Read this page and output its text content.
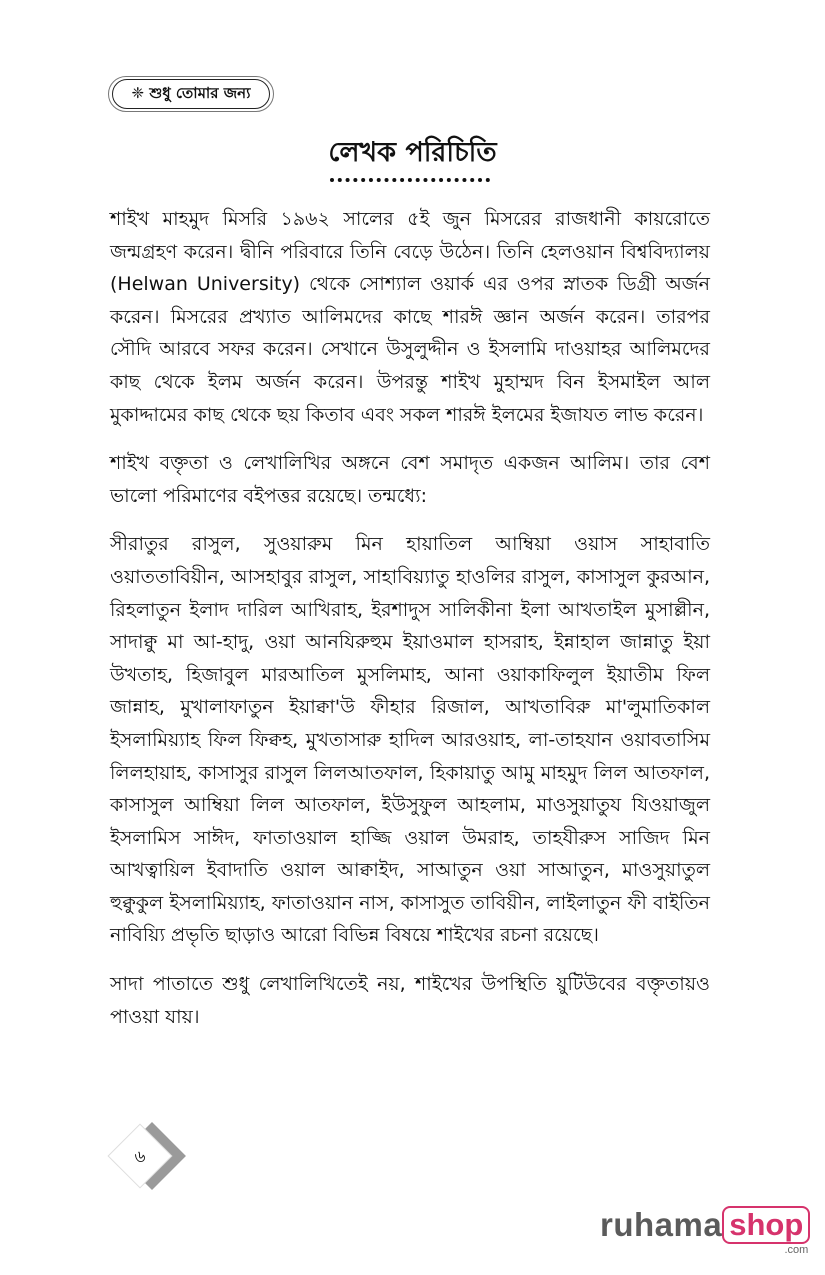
❈ শুধু তোমার জন্য
লেখক পরিচিতি

শাইখ মাহমুদ মিসরি ১৯৬২ সালের ৫ই জুন মিসরের রাজধানী কায়রোতে জন্মগ্রহণ করেন। দ্বীনি পরিবারে তিনি বেড়ে উঠেন। তিনি হেলওয়ান বিশ্ববিদ্যালয় (Helwan University) থেকে সোশ্যাল ওয়ার্ক এর ওপর স্নাতক ডিগ্রী অর্জন করেন। মিসরের প্রখ্যাত আলিমদের কাছে শারঈ জ্ঞান অর্জন করেন। তারপর সৌদি আরবে সফর করেন। সেখানে উসুলুদ্দীন ও ইসলামি দাওয়াহর আলিমদের কাছ থেকে ইলম অর্জন করেন। উপরন্তু শাইখ মুহাম্মদ বিন ইসমাইল আল মুকাদ্দামের কাছ থেকে ছয় কিতাব এবং সকল শারঈ ইলমের ইজাযত লাভ করেন।

শাইখ বক্তৃতা ও লেখালিখির অঙ্গনে বেশ সমাদৃত একজন আলিম। তার বেশ ভালো পরিমাণের বইপত্তর রয়েছে। তন্মধ্যে:

সীরাতুর রাসুল, সুওয়ারুম মিন হায়াতিল আম্বিয়া ওয়াস সাহাবাতি ওয়াততাবিয়ীন, আসহাবুর রাসুল, সাহাবিয়্যাতু হাওলির রাসুল, কাসাসুল কুরআন, রিহলাতুন ইলাদ দারিল আখিরাহ, ইরশাদুস সালিকীনা ইলা আখতাইল মুসাল্লীন, সাদাক্বু মা আ-হাদু, ওয়া আনযিরুহুম ইয়াওমাল হাসরাহ, ইন্নাহাল জান্নাতু ইয়া উখতাহ, হিজাবুল মারআতিল মুসলিমাহ, আনা ওয়াকাফিলুল ইয়াতীম ফিল জান্নাহ, মুখালাফাতুন ইয়াক্বা'উ ফীহার রিজাল, আখতাবিরু মা'লুমাতিকাল ইসলামিয়্যাহ ফিল ফিক্বহ, মুখতাসারু হাদিল আরওয়াহ, লা-তাহযান ওয়াবতাসিম লিলহায়াহ, কাসাসুর রাসুল লিলআতফাল, হিকায়াতু আমু মাহমুদ লিল আতফাল, কাসাসুল আম্বিয়া লিল আতফাল, ইউসুফুল আহলাম, মাওসুয়াতুয যিওয়াজুল ইসলামিস সাঈদ, ফাতাওয়াল হাজ্জি ওয়াল উমরাহ, তাহযীরুস সাজিদ মিন আখত্বায়িল ইবাদাতি ওয়াল আক্বাইদ, সাআতুন ওয়া সাআতুন, মাওসুয়াতুল হুক্বুকুল ইসলামিয়্যাহ, ফাতাওয়ান নাস, কাসাসুত তাবিয়ীন, লাইলাতুন ফী বাইতিন নাবিয়্যি প্রভৃতি ছাড়াও আরো বিভিন্ন বিষয়ে শাইখের রচনা রয়েছে।

সাদা পাতাতে শুধু লেখালিখিতেই নয়, শাইখের উপস্থিতি য়ুটিউবের বক্তৃতায়ও পাওয়া যায়।

৬
ruhama shop
.com
